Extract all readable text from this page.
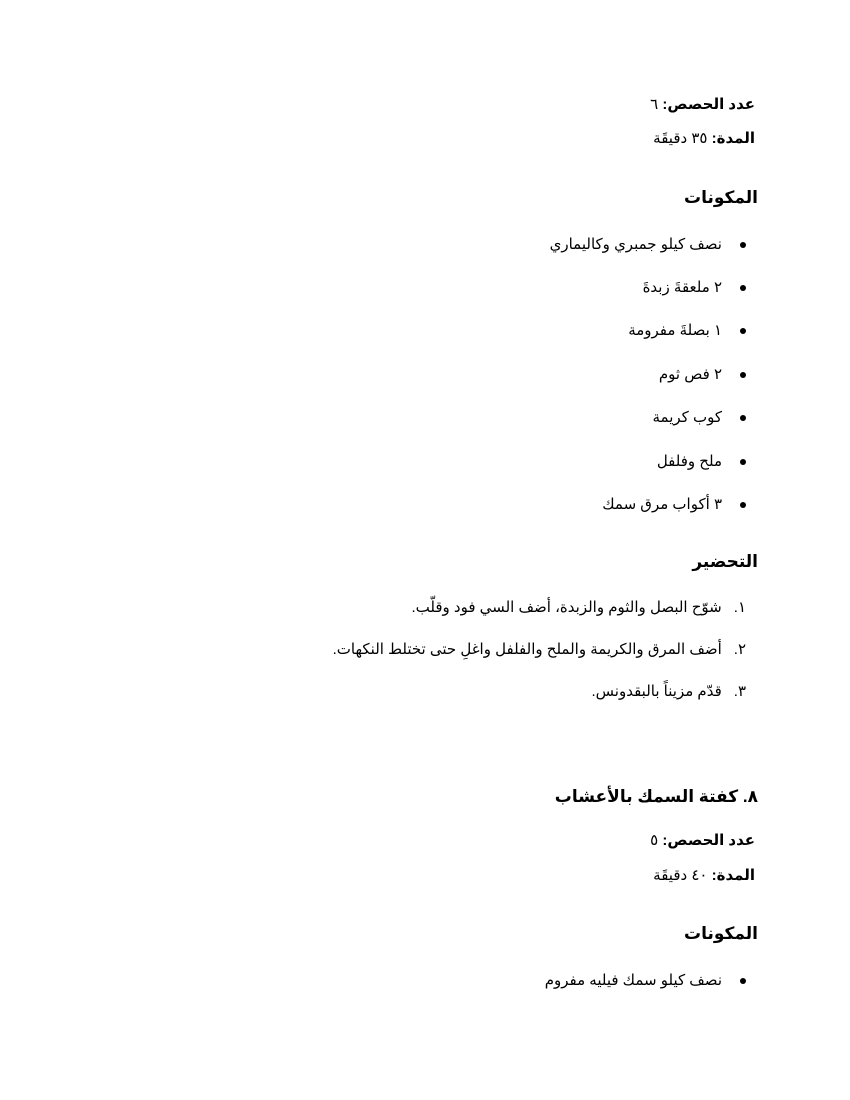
عدد الحصص: ٦
المدة: ٣٥ دقيقَة
المكونات
نصف كيلو جمبري وكاليماري
٢ ملعقةَ زبدةَ
١ بصلةَ مفرومة
٢ فص ثوم
كوب كريمة
ملح وفلفل
٣ أكواب مرق سمك
التحضير
١.
شوّح البصل والثوم والزبدة، أضف السي فود وقلّب.
٢.
أضف المرق والكريمة والملح والفلفل واغلِ حتى تختلط النكهات.
٣.
قدّم مزيناً بالبقدونس.
٨. كفتة السمك بالأعشاب
عدد الحصص: ٥
المدة: ٤٠ دقيقَة
المكونات
نصف كيلو سمك فيليه مفروم
